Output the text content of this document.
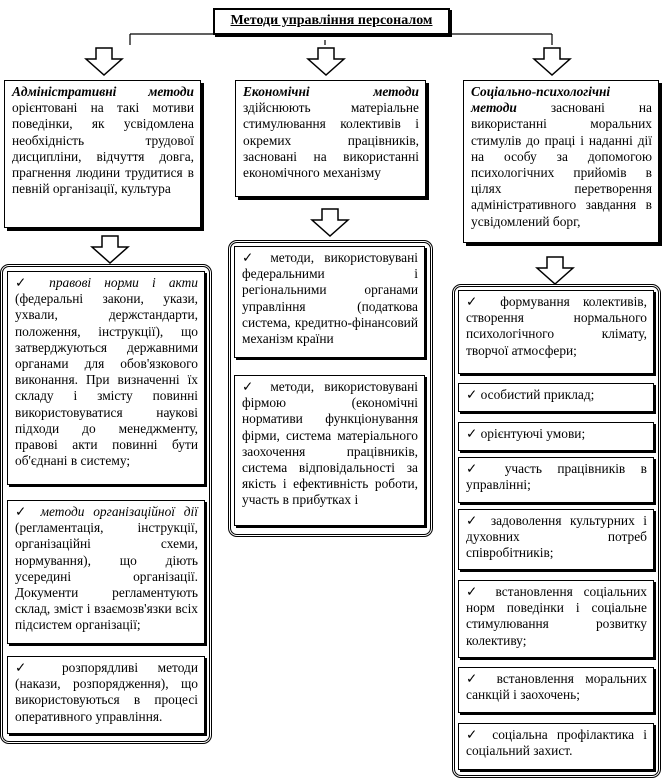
Методи управління персоналом
Адміністративні методи орієнтовані на такі мотиви поведінки, як усвідомлена необхідність трудової дисципліни, відчуття довга, прагнення людини трудитися в певній організації, культура
Економічні методи здійснюють матеріальне стимулювання колективів і окремих працівників, засновані на використанні економічного механізму
Соціально-психологічні методи засновані на використанні моральних стимулів до праці і наданні дії на особу за допомогою психологічних прийомів в цілях перетворення адміністративного завдання в усвідомлений борг,
✓ правові норми і акти (федеральні закони, укази, ухвали, держстандарти, положення, інструкції), що затверджуються державними органами для обов'язкового виконання. При визначенні їх складу і змісту повинні використовуватися наукові підходи до менеджменту, правові акти повинні бути об'єднані в систему;
✓ методи організаційної дії (регламентація, інструкції, організаційні схеми, нормування), що діють усередині організації. Документи регламентують склад, зміст і взаємозв'язки всіх підсистем організації;
✓ розпорядливі методи (накази, розпорядження), що використовуються в процесі оперативного управління.
✓ методи, використовувані федеральними і регіональними органами управління (податкова система, кредитно-фінансовий механізм країни
✓ методи, використовувані фірмою (економічні нормативи функціонування фірми, система матеріального заохочення працівників, система відповідальності за якість і ефективність роботи, участь в прибутках і
✓ формування колективів, створення нормального психологічного клімату, творчої атмосфери;
✓ особистий приклад;
✓ орієнтуючі умови;
✓ участь працівників в управлінні;
✓ задоволення культурних і духовних потреб співробітників;
✓ встановлення соціальних норм поведінки і соціальне стимулювання розвитку колективу;
✓ встановлення моральних санкцій і заохочень;
✓ соціальна профілактика і соціальний захист.
